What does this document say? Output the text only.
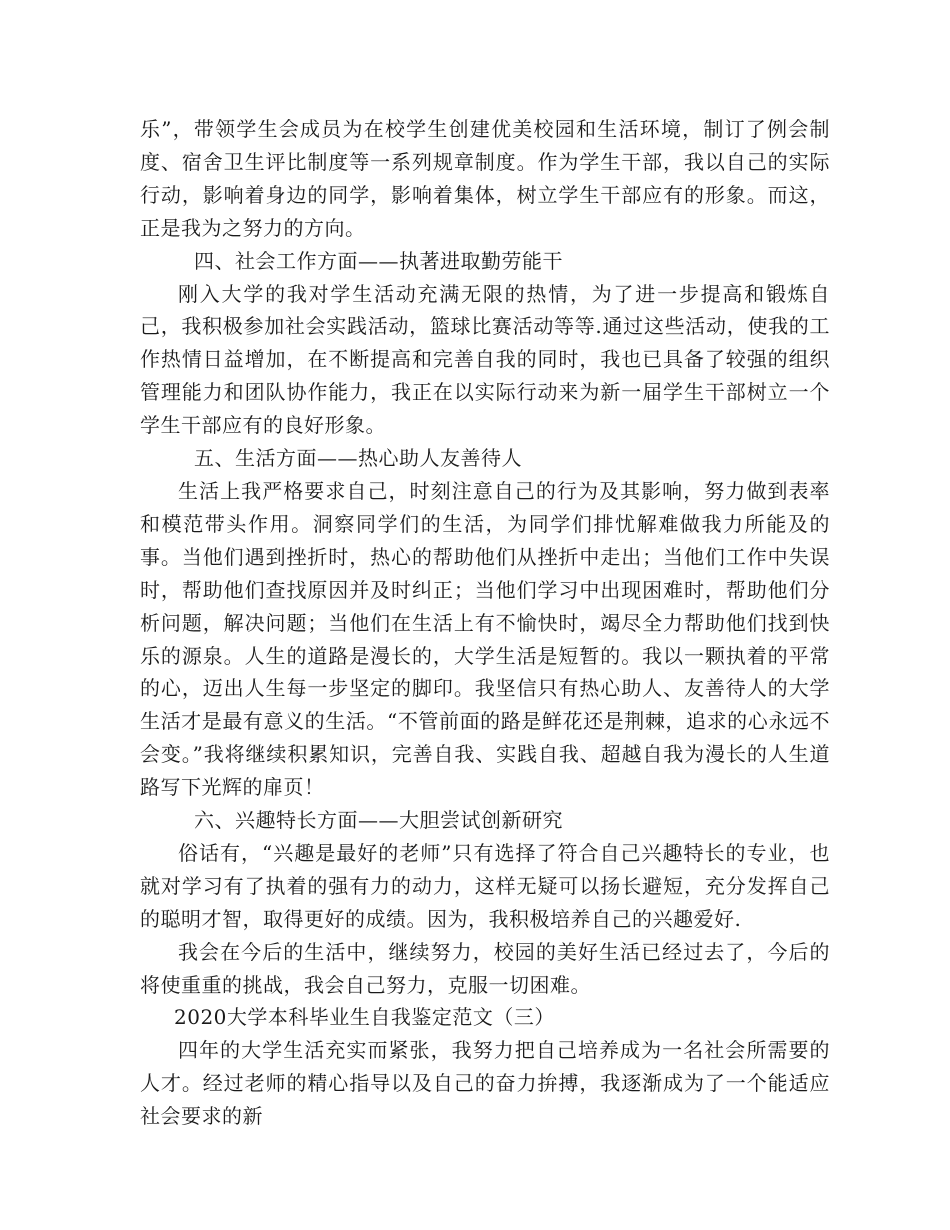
乐”，带领学生会成员为在校学生创建优美校园和生活环境，制订了例会制度、宿舍卫生评比制度等一系列规章制度。作为学生干部，我以自己的实际行动，影响着身边的同学，影响着集体，树立学生干部应有的形象。而这，正是我为之努力的方向。

四、社会工作方面——执著进取勤劳能干

刚入大学的我对学生活动充满无限的热情，为了进一步提高和锻炼自己，我积极参加社会实践活动，篮球比赛活动等等.通过这些活动，使我的工作热情日益增加，在不断提高和完善自我的同时，我也已具备了较强的组织管理能力和团队协作能力，我正在以实际行动来为新一届学生干部树立一个学生干部应有的良好形象。

五、生活方面——热心助人友善待人

生活上我严格要求自己，时刻注意自己的行为及其影响，努力做到表率和模范带头作用。洞察同学们的生活，为同学们排忧解难做我力所能及的事。当他们遇到挫折时，热心的帮助他们从挫折中走出；当他们工作中失误时，帮助他们查找原因并及时纠正；当他们学习中出现困难时，帮助他们分析问题，解决问题；当他们在生活上有不愉快时，竭尽全力帮助他们找到快乐的源泉。人生的道路是漫长的，大学生活是短暂的。我以一颗执着的平常的心，迈出人生每一步坚定的脚印。我坚信只有热心助人、友善待人的大学生活才是最有意义的生活。“不管前面的路是鲜花还是荆棘，追求的心永远不会变。”我将继续积累知识，完善自我、实践自我、超越自我为漫长的人生道路写下光辉的扉页！

六、兴趣特长方面——大胆尝试创新研究

俗话有，“兴趣是最好的老师”只有选择了符合自己兴趣特长的专业，也就对学习有了执着的强有力的动力，这样无疑可以扬长避短，充分发挥自己的聪明才智，取得更好的成绩。因为，我积极培养自己的兴趣爱好.

我会在今后的生活中，继续努力，校园的美好生活已经过去了，今后的将使重重的挑战，我会自己努力，克服一切困难。

2020大学本科毕业生自我鉴定范文（三）

四年的大学生活充实而紧张，我努力把自己培养成为一名社会所需要的人才。经过老师的精心指导以及自己的奋力拚搏，我逐渐成为了一个能适应社会要求的新
